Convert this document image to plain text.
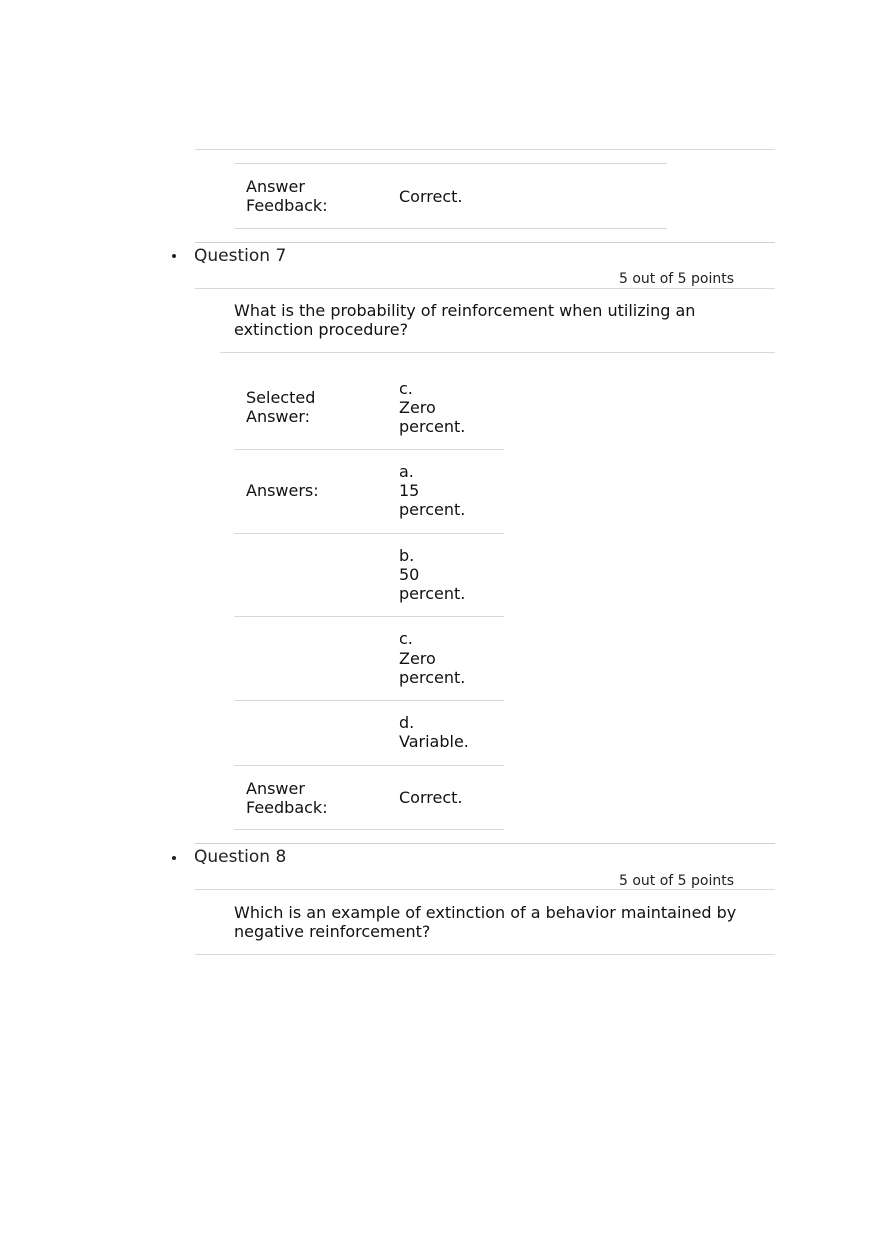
Answer Feedback:	Correct.
Question 7
5 out of 5 points
What is the probability of reinforcement when utilizing an extinction procedure?
Selected Answer:
c.
Zero percent.
Answers:
a.
15 percent.
b.
50 percent.
c.
Zero percent.
d.
Variable.
Answer Feedback:
Correct.
Question 8
5 out of 5 points
Which is an example of extinction of a behavior maintained by negative reinforcement?
